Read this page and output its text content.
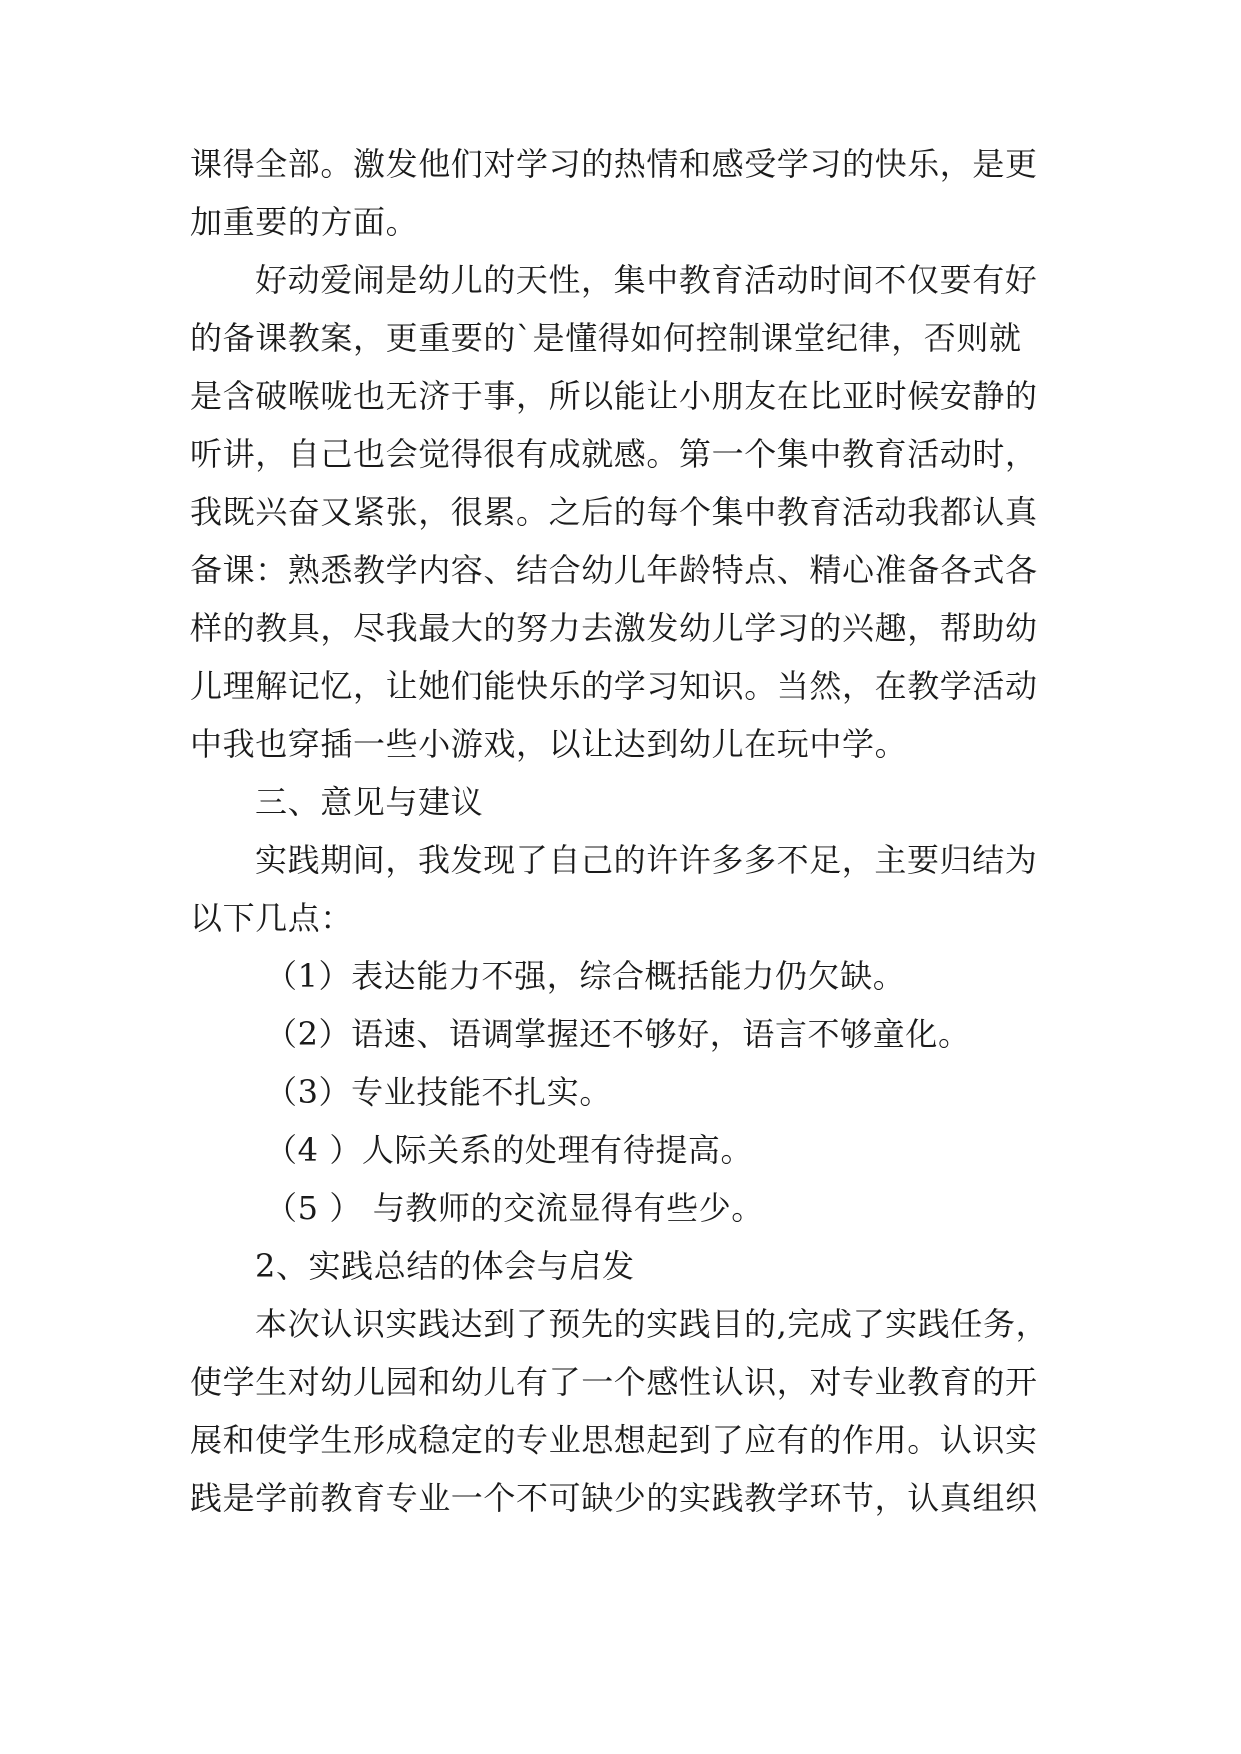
课得全部。激发他们对学习的热情和感受学习的快乐，是更
加重要的方面。
好动爱闹是幼儿的天性，集中教育活动时间不仅要有好
的备课教案，更重要的`是懂得如何控制课堂纪律，否则就
是含破喉咙也无济于事，所以能让小朋友在比亚时候安静的
听讲，自己也会觉得很有成就感。第一个集中教育活动时，
我既兴奋又紧张，很累。之后的每个集中教育活动我都认真
备课：熟悉教学内容、结合幼儿年龄特点、精心准备各式各
样的教具，尽我最大的努力去激发幼儿学习的兴趣，帮助幼
儿理解记忆，让她们能快乐的学习知识。当然，在教学活动
中我也穿插一些小游戏，以让达到幼儿在玩中学。
三、意见与建议
实践期间，我发现了自己的许许多多不足，主要归结为
以下几点：
（1）表达能力不强，综合概括能力仍欠缺。
（2）语速、语调掌握还不够好，语言不够童化。
（3）专业技能不扎实。
（4 ）人际关系的处理有待提高。
（5 ） 与教师的交流显得有些少。
2、实践总结的体会与启发
本次认识实践达到了预先的实践目的,完成了实践任务，
使学生对幼儿园和幼儿有了一个感性认识，对专业教育的开
展和使学生形成稳定的专业思想起到了应有的作用。认识实
践是学前教育专业一个不可缺少的实践教学环节，认真组织
